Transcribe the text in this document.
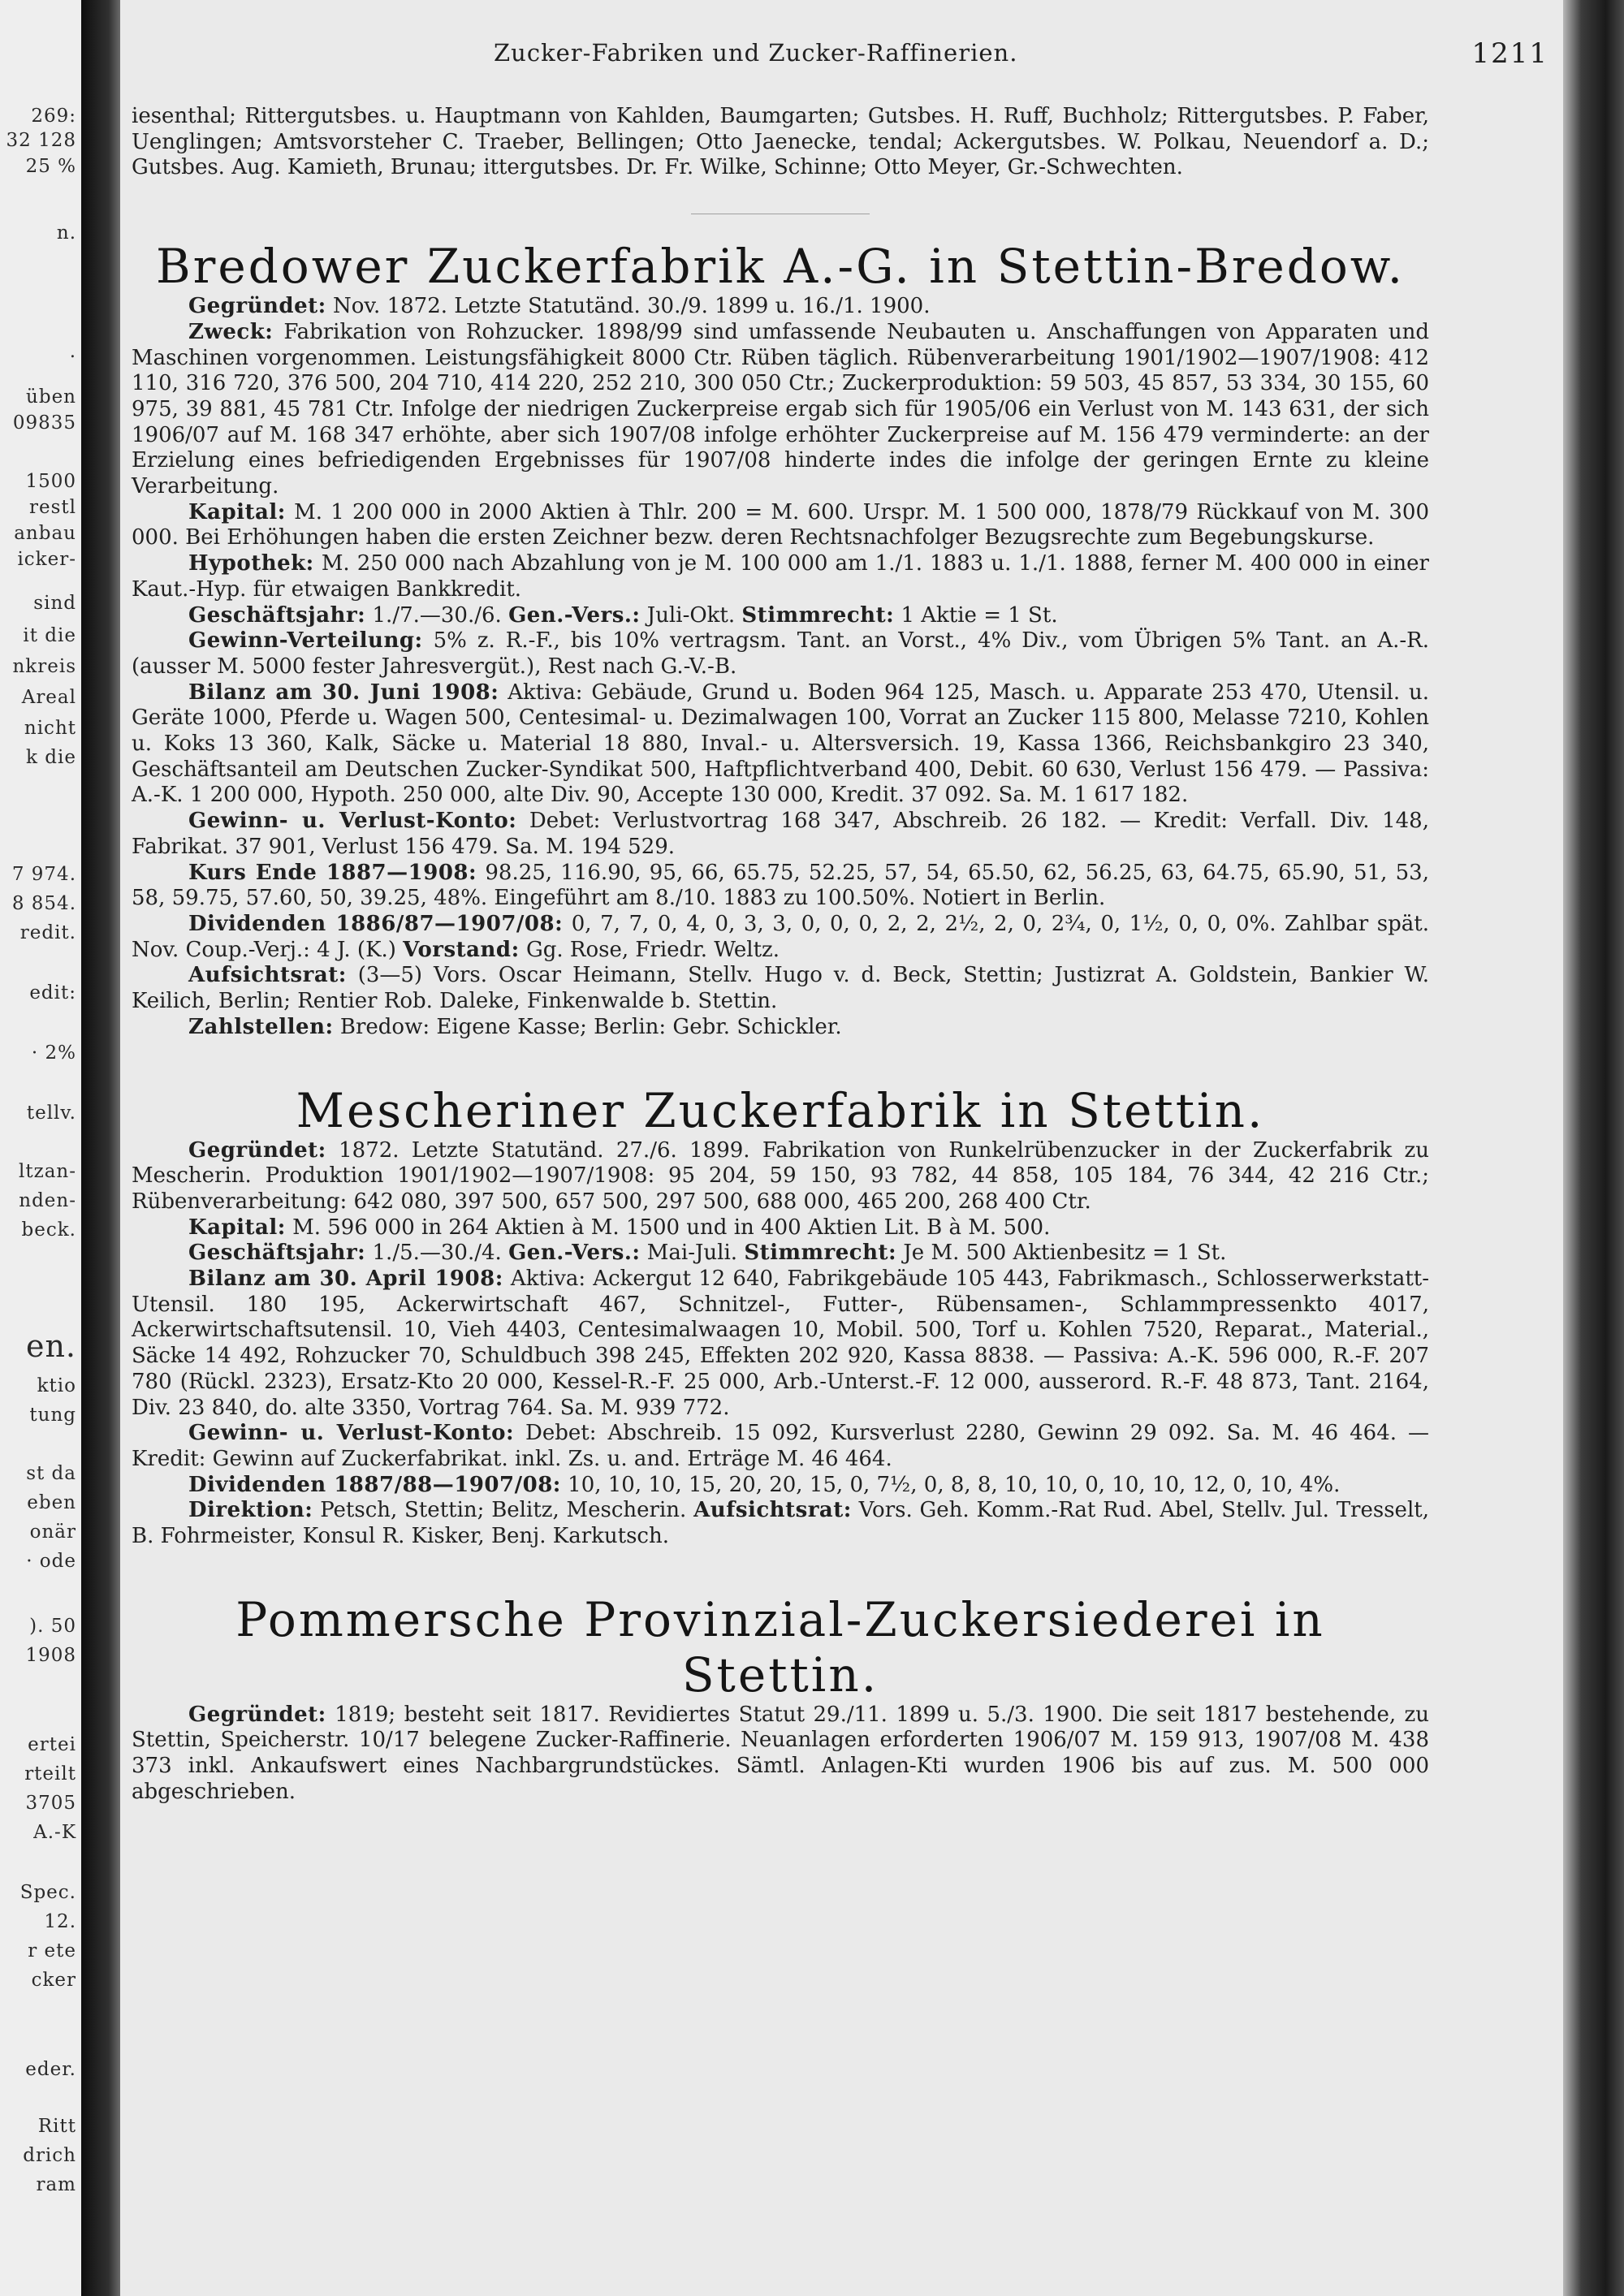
269:
32 128
25 %
n.
.
üben
09835
1500
restl
anbau
icker-
sind
it die
nkreis
Areal
nicht
k die
7 974.
8 854.
redit.
edit:
· 2%
tellv.
ltzan-
nden-
beck.
en.
ktio
tung
st da
eben
onär
· ode
). 50
1908
ertei
rteilt
3705
A.-K
Spec.
12.
r ete
cker
eder.
Ritt
drich
ram
Zucker-Fabriken und Zucker-Raffinerien.	1211

iesenthal; Rittergutsbes. u. Hauptmann von Kahlden, Baumgarten; Gutsbes. H. Ruff, Buchholz; Rittergutsbes. P. Faber, Uenglingen; Amtsvorsteher C. Traeber, Bellingen; Otto Jaenecke, tendal; Ackergutsbes. W. Polkau, Neuendorf a. D.; Gutsbes. Aug. Kamieth, Brunau; ittergutsbes. Dr. Fr. Wilke, Schinne; Otto Meyer, Gr.-Schwechten.

Bredower Zuckerfabrik A.-G. in Stettin-Bredow.

Gegründet: Nov. 1872. Letzte Statutänd. 30./9. 1899 u. 16./1. 1900.

Zweck: Fabrikation von Rohzucker. 1898/99 sind umfassende Neubauten u. Anschaffungen von Apparaten und Maschinen vorgenommen. Leistungsfähigkeit 8000 Ctr. Rüben täglich. Rübenverarbeitung 1901/1902—1907/1908: 412 110, 316 720, 376 500, 204 710, 414 220, 252 210, 300 050 Ctr.; Zuckerproduktion: 59 503, 45 857, 53 334, 30 155, 60 975, 39 881, 45 781 Ctr. Infolge der niedrigen Zuckerpreise ergab sich für 1905/06 ein Verlust von M. 143 631, der sich 1906/07 auf M. 168 347 erhöhte, aber sich 1907/08 infolge erhöhter Zuckerpreise auf M. 156 479 verminderte: an der Erzielung eines befriedigenden Ergebnisses für 1907/08 hinderte indes die infolge der geringen Ernte zu kleine Verarbeitung.

Kapital: M. 1 200 000 in 2000 Aktien à Thlr. 200 = M. 600. Urspr. M. 1 500 000, 1878/79 Rückkauf von M. 300 000. Bei Erhöhungen haben die ersten Zeichner bezw. deren Rechtsnachfolger Bezugsrechte zum Begebungskurse.

Hypothek: M. 250 000 nach Abzahlung von je M. 100 000 am 1./1. 1883 u. 1./1. 1888, ferner M. 400 000 in einer Kaut.-Hyp. für etwaigen Bankkredit.

Geschäftsjahr: 1./7.—30./6. Gen.-Vers.: Juli-Okt. Stimmrecht: 1 Aktie = 1 St.

Gewinn-Verteilung: 5% z. R.-F., bis 10% vertragsm. Tant. an Vorst., 4% Div., vom Übrigen 5% Tant. an A.-R. (ausser M. 5000 fester Jahresvergüt.), Rest nach G.-V.-B.

Bilanz am 30. Juni 1908: Aktiva: Gebäude, Grund u. Boden 964 125, Masch. u. Apparate 253 470, Utensil. u. Geräte 1000, Pferde u. Wagen 500, Centesimal- u. Dezimalwagen 100, Vorrat an Zucker 115 800, Melasse 7210, Kohlen u. Koks 13 360, Kalk, Säcke u. Material 18 880, Inval.- u. Altersversich. 19, Kassa 1366, Reichsbankgiro 23 340, Geschäftsanteil am Deutschen Zucker-Syndikat 500, Haftpflichtverband 400, Debit. 60 630, Verlust 156 479. — Passiva: A.-K. 1 200 000, Hypoth. 250 000, alte Div. 90, Accepte 130 000, Kredit. 37 092. Sa. M. 1 617 182.

Gewinn- u. Verlust-Konto: Debet: Verlustvortrag 168 347, Abschreib. 26 182. — Kredit: Verfall. Div. 148, Fabrikat. 37 901, Verlust 156 479. Sa. M. 194 529.

Kurs Ende 1887—1908: 98.25, 116.90, 95, 66, 65.75, 52.25, 57, 54, 65.50, 62, 56.25, 63, 64.75, 65.90, 51, 53, 58, 59.75, 57.60, 50, 39.25, 48%. Eingeführt am 8./10. 1883 zu 100.50%. Notiert in Berlin.

Dividenden 1886/87—1907/08: 0, 7, 7, 0, 4, 0, 3, 3, 0, 0, 0, 2, 2, 2½, 2, 0, 2¾, 0, 1½, 0, 0, 0%. Zahlbar spät. Nov. Coup.-Verj.: 4 J. (K.) Vorstand: Gg. Rose, Friedr. Weltz.

Aufsichtsrat: (3—5) Vors. Oscar Heimann, Stellv. Hugo v. d. Beck, Stettin; Justizrat A. Goldstein, Bankier W. Keilich, Berlin; Rentier Rob. Daleke, Finkenwalde b. Stettin.

Zahlstellen: Bredow: Eigene Kasse; Berlin: Gebr. Schickler.

Mescheriner Zuckerfabrik in Stettin.

Gegründet: 1872. Letzte Statutänd. 27./6. 1899. Fabrikation von Runkelrübenzucker in der Zuckerfabrik zu Mescherin. Produktion 1901/1902—1907/1908: 95 204, 59 150, 93 782, 44 858, 105 184, 76 344, 42 216 Ctr.; Rübenverarbeitung: 642 080, 397 500, 657 500, 297 500, 688 000, 465 200, 268 400 Ctr.

Kapital: M. 596 000 in 264 Aktien à M. 1500 und in 400 Aktien Lit. B à M. 500.

Geschäftsjahr: 1./5.—30./4. Gen.-Vers.: Mai-Juli. Stimmrecht: Je M. 500 Aktienbesitz = 1 St.

Bilanz am 30. April 1908: Aktiva: Ackergut 12 640, Fabrikgebäude 105 443, Fabrikmasch., Schlosserwerkstatt-Utensil. 180 195, Ackerwirtschaft 467, Schnitzel-, Futter-, Rübensamen-, Schlammpressenkto 4017, Ackerwirtschaftsutensil. 10, Vieh 4403, Centesimalwaagen 10, Mobil. 500, Torf u. Kohlen 7520, Reparat., Material., Säcke 14 492, Rohzucker 70, Schuldbuch 398 245, Effekten 202 920, Kassa 8838. — Passiva: A.-K. 596 000, R.-F. 207 780 (Rückl. 2323), Ersatz-Kto 20 000, Kessel-R.-F. 25 000, Arb.-Unterst.-F. 12 000, ausserord. R.-F. 48 873, Tant. 2164, Div. 23 840, do. alte 3350, Vortrag 764. Sa. M. 939 772.

Gewinn- u. Verlust-Konto: Debet: Abschreib. 15 092, Kursverlust 2280, Gewinn 29 092. Sa. M. 46 464. — Kredit: Gewinn auf Zuckerfabrikat. inkl. Zs. u. and. Erträge M. 46 464.

Dividenden 1887/88—1907/08: 10, 10, 10, 15, 20, 20, 15, 0, 7½, 0, 8, 8, 10, 10, 0, 10, 10, 12, 0, 10, 4%.

Direktion: Petsch, Stettin; Belitz, Mescherin. Aufsichtsrat: Vors. Geh. Komm.-Rat Rud. Abel, Stellv. Jul. Tresselt, B. Fohrmeister, Konsul R. Kisker, Benj. Karkutsch.

Pommersche Provinzial-Zuckersiederei in Stettin.

Gegründet: 1819; besteht seit 1817. Revidiertes Statut 29./11. 1899 u. 5./3. 1900. Die seit 1817 bestehende, zu Stettin, Speicherstr. 10/17 belegene Zucker-Raffinerie. Neuanlagen erforderten 1906/07 M. 159 913, 1907/08 M. 438 373 inkl. Ankaufswert eines Nachbargrundstückes. Sämtl. Anlagen-Kti wurden 1906 bis auf zus. M. 500 000 abgeschrieben.
